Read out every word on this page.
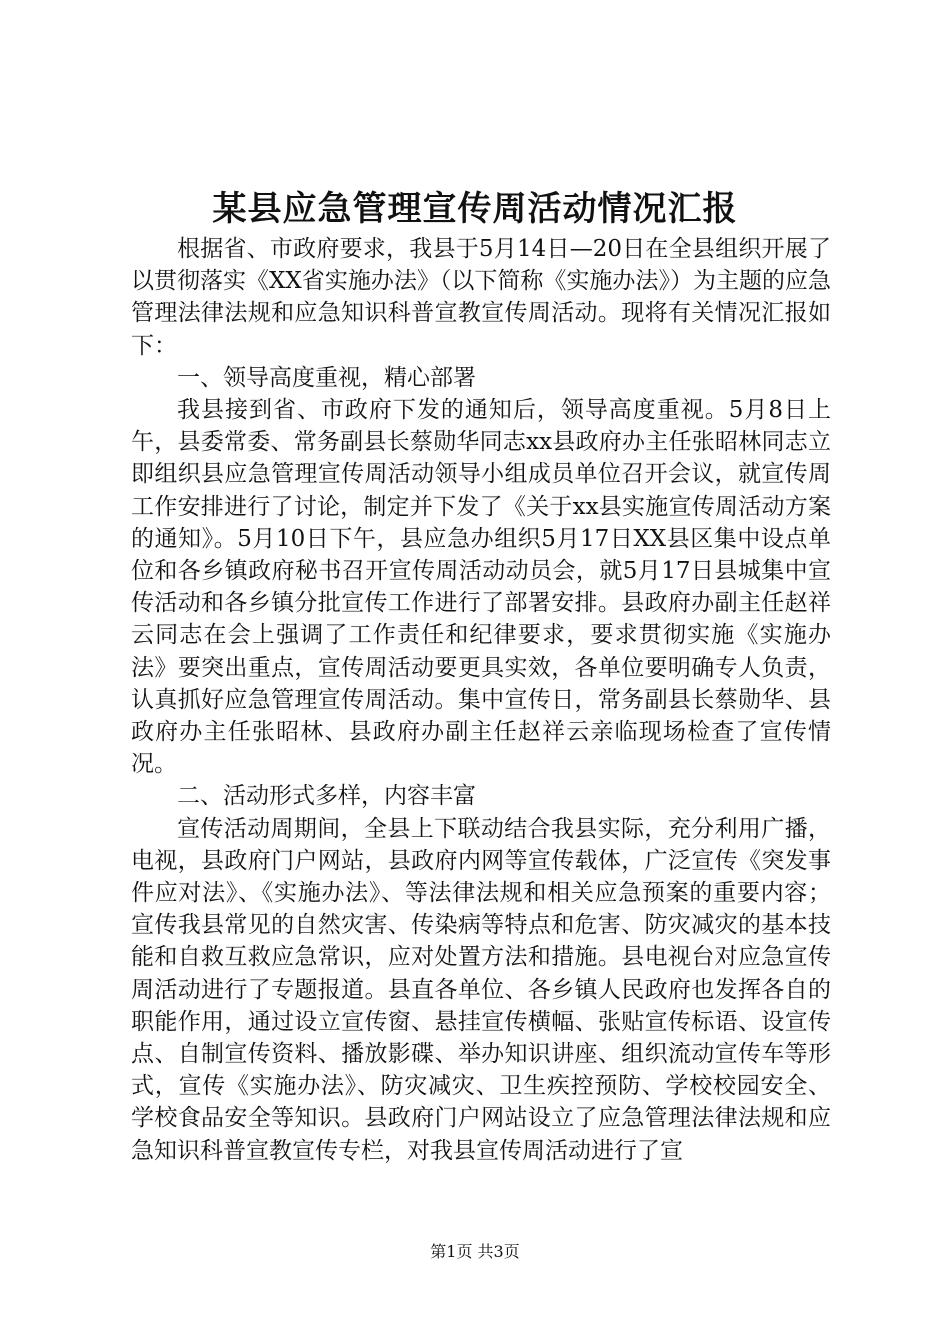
某县应急管理宣传周活动情况汇报

根据省、市政府要求，我县于5月14日—20日在全县组织开展了以贯彻落实《XX省实施办法》（以下简称《实施办法》）为主题的应急管理法律法规和应急知识科普宣教宣传周活动。现将有关情况汇报如下：

一、领导高度重视，精心部署

我县接到省、市政府下发的通知后，领导高度重视。5月8日上午，县委常委、常务副县长蔡勋华同志xx县政府办主任张昭林同志立即组织县应急管理宣传周活动领导小组成员单位召开会议，就宣传周工作安排进行了讨论，制定并下发了《关于xx县实施宣传周活动方案的通知》。5月10日下午，县应急办组织5月17日XX县区集中设点单位和各乡镇政府秘书召开宣传周活动动员会，就5月17日县城集中宣传活动和各乡镇分批宣传工作进行了部署安排。县政府办副主任赵祥云同志在会上强调了工作责任和纪律要求，要求贯彻实施《实施办法》要突出重点，宣传周活动要更具实效，各单位要明确专人负责，认真抓好应急管理宣传周活动。集中宣传日，常务副县长蔡勋华、县政府办主任张昭林、县政府办副主任赵祥云亲临现场检查了宣传情况。

二、活动形式多样，内容丰富

宣传活动周期间，全县上下联动结合我县实际，充分利用广播，电视，县政府门户网站，县政府内网等宣传载体，广泛宣传《突发事件应对法》、《实施办法》、等法律法规和相关应急预案的重要内容；宣传我县常见的自然灾害、传染病等特点和危害、防灾减灾的基本技能和自救互救应急常识，应对处置方法和措施。县电视台对应急宣传周活动进行了专题报道。县直各单位、各乡镇人民政府也发挥各自的职能作用，通过设立宣传窗、悬挂宣传横幅、张贴宣传标语、设宣传点、自制宣传资料、播放影碟、举办知识讲座、组织流动宣传车等形式，宣传《实施办法》、防灾减灾、卫生疾控预防、学校校园安全、学校食品安全等知识。县政府门户网站设立了应急管理法律法规和应急知识科普宣教宣传专栏，对我县宣传周活动进行了宣

第1页 共3页
